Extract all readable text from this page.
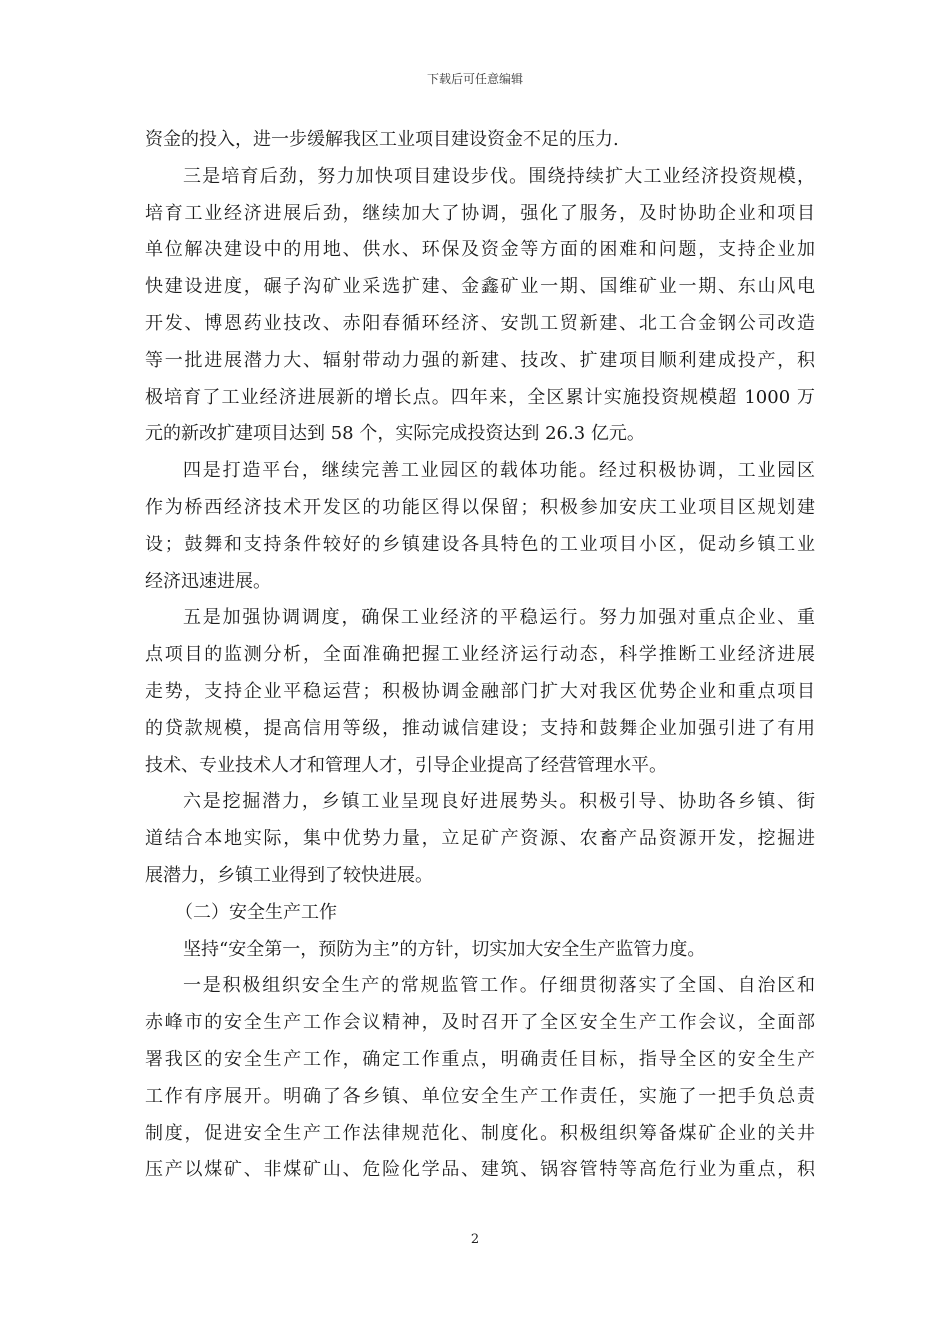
下载后可任意编辑
资金的投入，进一步缓解我区工业项目建设资金不足的压力.
三是培育后劲，努力加快项目建设步伐。围绕持续扩大工业经济投资规模，
培育工业经济进展后劲，继续加大了协调，强化了服务，及时协助企业和项目
单位解决建设中的用地、供水、环保及资金等方面的困难和问题，支持企业加
快建设进度，碾子沟矿业采选扩建、金鑫矿业一期、国维矿业一期、东山风电
开发、博恩药业技改、赤阳春循环经济、安凯工贸新建、北工合金钢公司改造
等一批进展潜力大、辐射带动力强的新建、技改、扩建项目顺利建成投产，积
极培育了工业经济进展新的增长点。四年来，全区累计实施投资规模超 1000 万
元的新改扩建项目达到 58 个，实际完成投资达到 26.3 亿元。
四是打造平台，继续完善工业园区的载体功能。经过积极协调，工业园区
作为桥西经济技术开发区的功能区得以保留；积极参加安庆工业项目区规划建
设；鼓舞和支持条件较好的乡镇建设各具特色的工业项目小区，促动乡镇工业
经济迅速进展。
五是加强协调调度，确保工业经济的平稳运行。努力加强对重点企业、重
点项目的监测分析，全面准确把握工业经济运行动态，科学推断工业经济进展
走势，支持企业平稳运营；积极协调金融部门扩大对我区优势企业和重点项目
的贷款规模，提高信用等级，推动诚信建设；支持和鼓舞企业加强引进了有用
技术、专业技术人才和管理人才，引导企业提高了经营管理水平。
六是挖掘潜力，乡镇工业呈现良好进展势头。积极引导、协助各乡镇、街
道结合本地实际，集中优势力量，立足矿产资源、农畜产品资源开发，挖掘进
展潜力，乡镇工业得到了较快进展。
（二）安全生产工作
坚持“安全第一，预防为主”的方针，切实加大安全生产监管力度。
一是积极组织安全生产的常规监管工作。仔细贯彻落实了全国、自治区和
赤峰市的安全生产工作会议精神，及时召开了全区安全生产工作会议，全面部
署我区的安全生产工作，确定工作重点，明确责任目标，指导全区的安全生产
工作有序展开。明确了各乡镇、单位安全生产工作责任，实施了一把手负总责
制度，促进安全生产工作法律规范化、制度化。积极组织筹备煤矿企业的关井
压产以煤矿、非煤矿山、危险化学品、建筑、锅容管特等高危行业为重点，积
2
